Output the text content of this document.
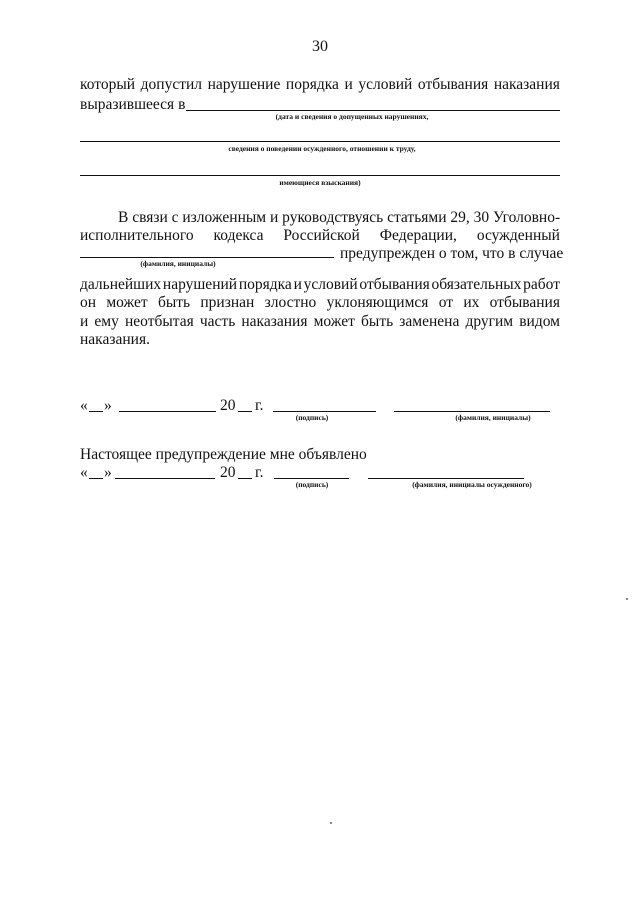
30
который допустил нарушение порядка и условий отбывания наказания
выразившееся в
(дата и сведения о допущенных нарушениях,
сведения о поведении осужденного, отношении к труду,
имеющиеся взыскания)
В связи с изложенным и руководствуясь статьями 29, 30 Уголовно-
исполнительного кодекса Российской Федерации, осужденный
предупрежден о том, что в случае
(фамилия, инициалы)
дальнейших нарушений порядка и условий отбывания обязательных работ
он может быть признан злостно уклоняющимся от их отбывания
и ему неотбытая часть наказания может быть заменена другим видом
наказания.
« »	20 г.
(подпись)	(фамилия, инициалы)
Настоящее предупреждение мне объявлено
« »	20 г.
(подпись)	(фамилия, инициалы осужденного)
